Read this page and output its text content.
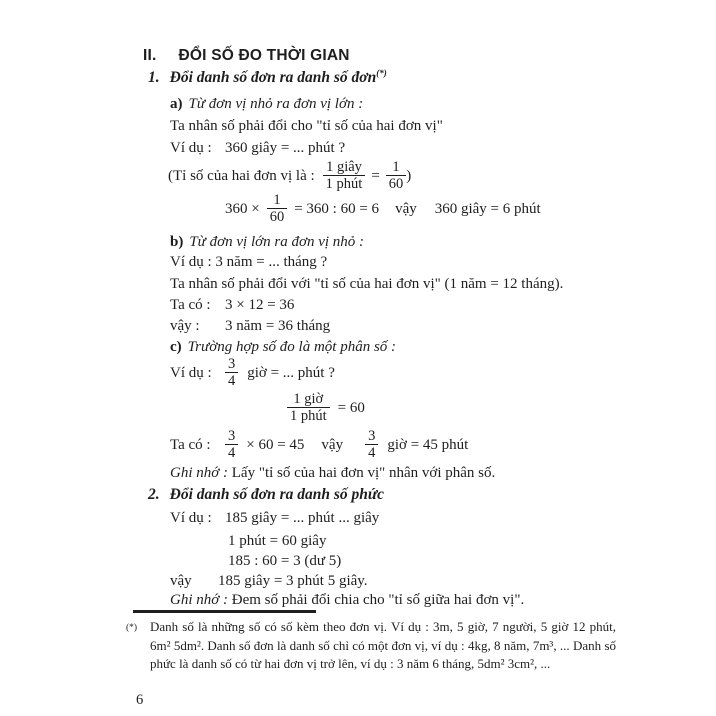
II. ĐỔI SỐ ĐO THỜI GIAN
1. Đổi danh số đơn ra danh số đơn(*)
a) Từ đơn vị nhỏ ra đơn vị lớn :
Ta nhân số phải đổi cho "tỉ số của hai đơn vị"
Ví dụ : 360 giây = ... phút ?
(Tỉ số của hai đơn vị là : $\frac{\text{1 giây}}{\text{1 phút}} = \frac{1}{60}$ )
$360 \times \frac{1}{60} = 360$ : 60 = 6 vậy 360 giây = 6 phút
b) Từ đơn vị lớn ra đơn vị nhỏ :
Ví dụ : 3 năm = ... tháng ?
Ta nhân số phải đổi với "tỉ số của hai đơn vị" (1 năm = 12 tháng).
Ta có : 3 × 12 = 36
vậy : 3 năm = 36 tháng
c) Trường hợp số đo là một phân số :
Ví dụ : $\frac{3}{4}$ giờ = ... phút ?
$\frac{\text{1 giờ}}{\text{1 phút}} = 60$
Ta có : $\frac{3}{4} \times 60 = 45$ vậy $\frac{3}{4}$ giờ = 45 phút
Ghi nhớ : Lấy "tỉ số của hai đơn vị" nhân với phân số.
2. Đổi danh số đơn ra danh số phức
Ví dụ : 185 giây = ... phút ... giây
1 phút = 60 giây
185 : 60 = 3 (dư 5)
vậy 185 giây = 3 phút 5 giây.
Ghi nhớ : Đem số phải đổi chia cho "tỉ số giữa hai đơn vị".
(*) Danh số là những số có số kèm theo đơn vị. Ví dụ : 3m, 5 giờ, 7 người, 5 giờ 12 phút, 6m² 5dm². Danh số đơn là danh số chỉ có một đơn vị, ví dụ : 4kg, 8 năm, 7m³, ... Danh số phức là danh số có từ hai đơn vị trở lên, ví dụ : 3 năm 6 tháng, 5dm² 3cm², ...
6
